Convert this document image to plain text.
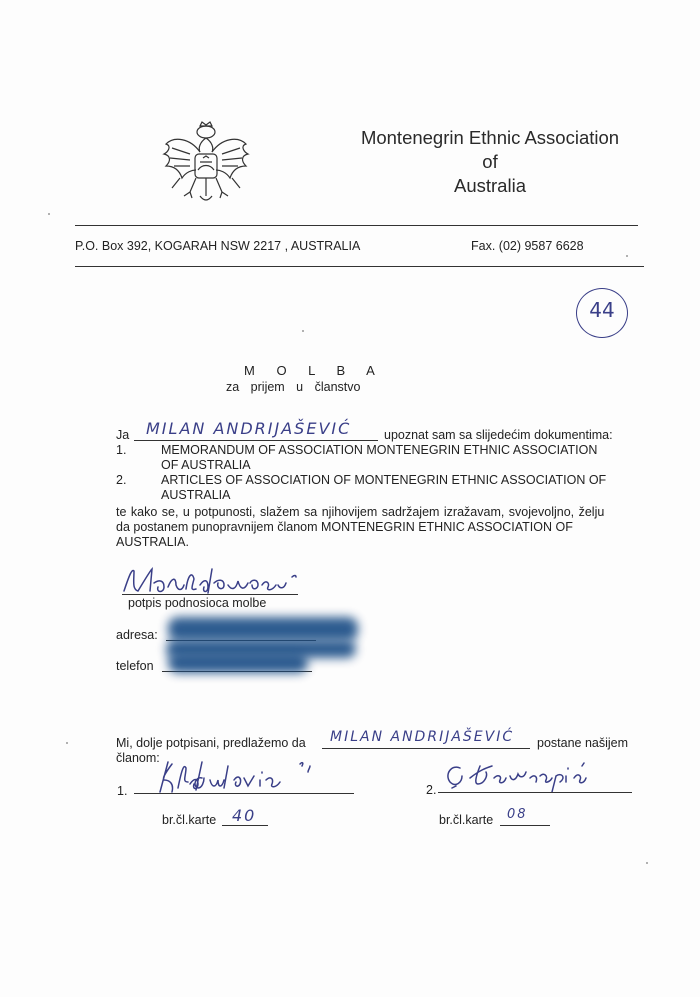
Montenegrin Ethnic Association
of
Australia
P.O. Box 392, KOGARAH NSW 2217 , AUSTRALIA	Fax. (02) 9587 6628
44
M O L B A
za prijem u članstvo
Ja MILAN ANDRIJAŠEVIĆ	upoznat sam sa slijedećim dokumentima:
1.	MEMORANDUM OF ASSOCIATION MONTENEGRIN ETHNIC ASSOCIATION
OF AUSTRALIA
2.	ARTICLES OF ASSOCIATION OF MONTENEGRIN ETHNIC ASSOCIATION OF
AUSTRALIA
te kako se, u potpunosti, slažem sa njihovijem sadržajem izražavam, svojevoljno, želju
da postanem punopravnijem članom MONTENEGRIN ETHNIC ASSOCIATION OF
AUSTRALIA.
potpis podnosioca molbe
adresa:
telefon
Mi, dolje potpisani, predlažemo da MILAN ANDRIJAŠEVIĆ postane našijem
članom:
1.
br.čl.karte 40
2.
br.čl.karte 08
